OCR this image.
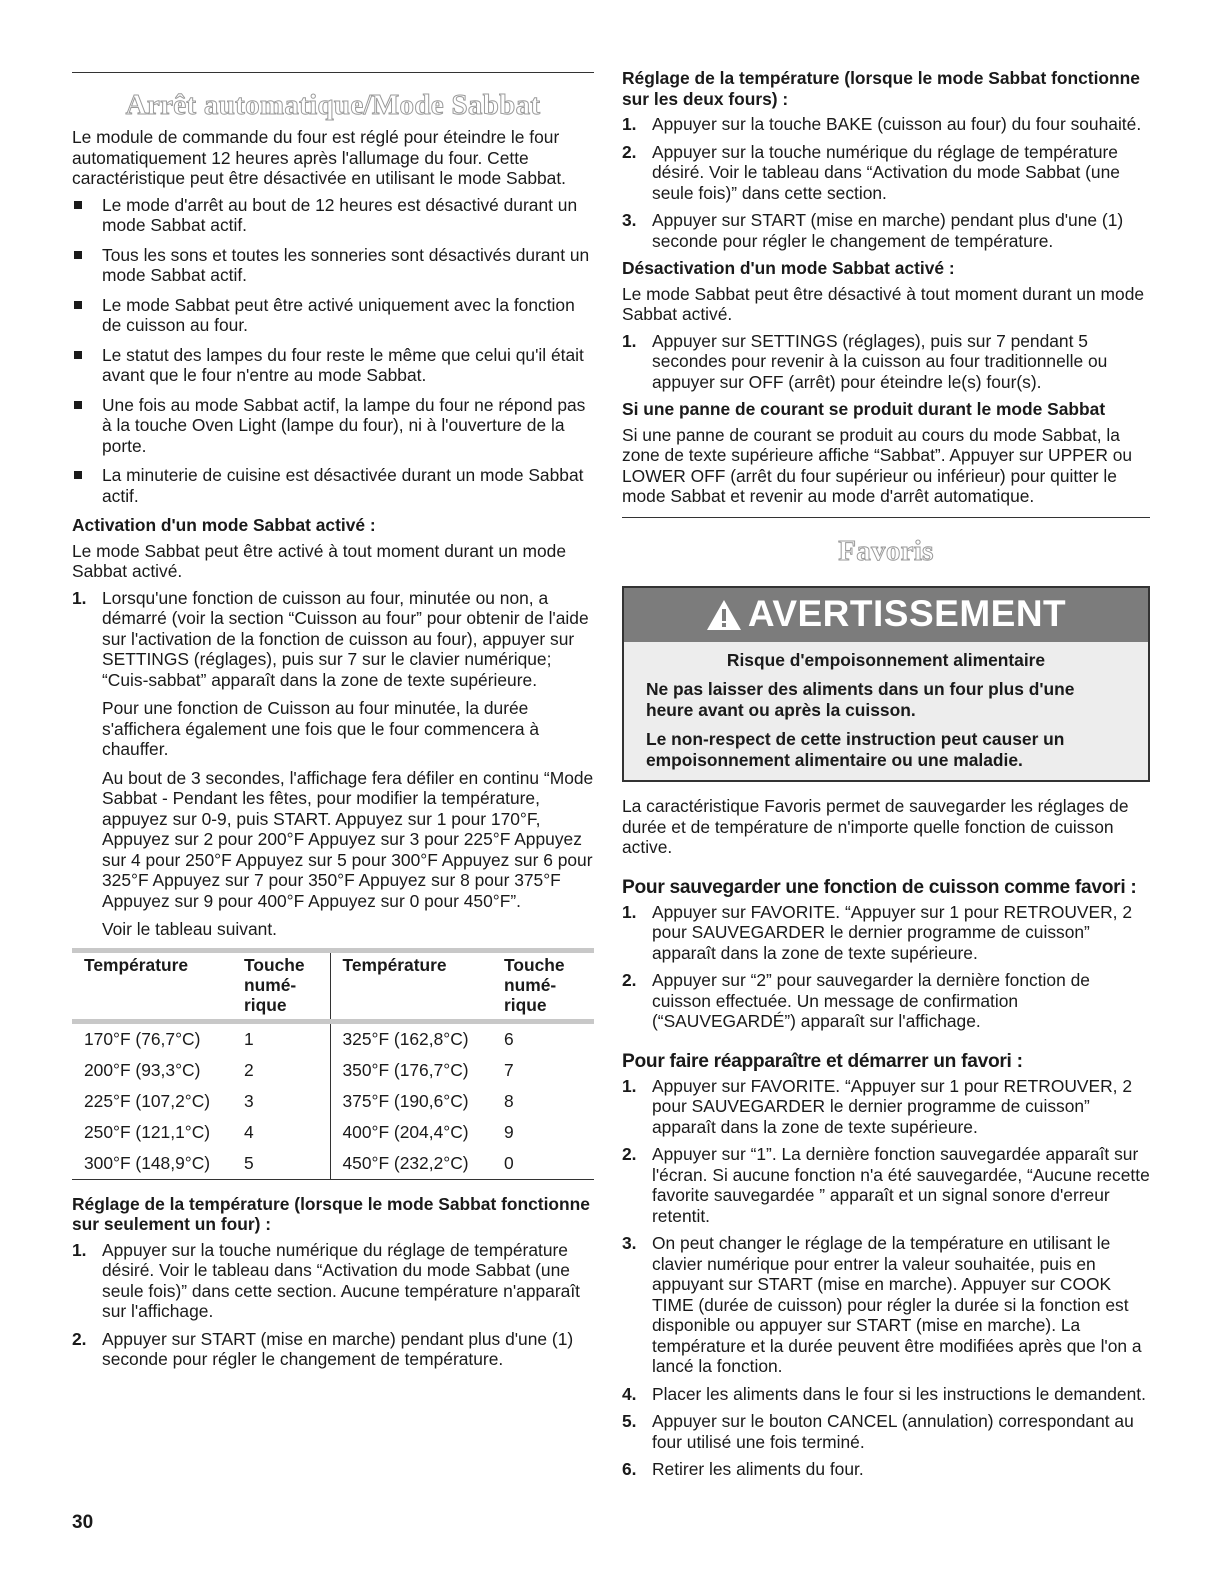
Arrêt automatique/Mode Sabbat

Le module de commande du four est réglé pour éteindre le four automatiquement 12 heures après l'allumage du four. Cette caractéristique peut être désactivée en utilisant le mode Sabbat.

Le mode d'arrêt au bout de 12 heures est désactivé durant un mode Sabbat actif.
Tous les sons et toutes les sonneries sont désactivés durant un mode Sabbat actif.
Le mode Sabbat peut être activé uniquement avec la fonction de cuisson au four.
Le statut des lampes du four reste le même que celui qu'il était avant que le four n'entre au mode Sabbat.
Une fois au mode Sabbat actif, la lampe du four ne répond pas à la touche Oven Light (lampe du four), ni à l'ouverture de la porte.
La minuterie de cuisine est désactivée durant un mode Sabbat actif.
Activation d'un mode Sabbat activé :

Le mode Sabbat peut être activé à tout moment durant un mode Sabbat activé.

1. Lorsqu'une fonction de cuisson au four, minutée ou non, a démarré (voir la section “Cuisson au four” pour obtenir de l'aide sur l'activation de la fonction de cuisson au four), appuyer sur SETTINGS (réglages), puis sur 7 sur le clavier numérique; “Cuis-sabbat” apparaît dans la zone de texte supérieure.

Pour une fonction de Cuisson au four minutée, la durée s'affichera également une fois que le four commencera à chauffer.

Au bout de 3 secondes, l'affichage fera défiler en continu “Mode Sabbat - Pendant les fêtes, pour modifier la température, appuyez sur 0-9, puis START. Appuyez sur 1 pour 170°F, Appuyez sur 2 pour 200°F Appuyez sur 3 pour 225°F Appuyez sur 4 pour 250°F Appuyez sur 5 pour 300°F Appuyez sur 6 pour 325°F Appuyez sur 7 pour 350°F Appuyez sur 8 pour 375°F Appuyez sur 9 pour 400°F Appuyez sur 0 pour 450°F”.

Voir le tableau suivant.

Température	Touche
numé-
rique	Température	Touche
numé-
rique
170°F (76,7°C)	1	325°F (162,8°C)	6
200°F (93,3°C)	2	350°F (176,7°C)	7
225°F (107,2°C)	3	375°F (190,6°C)	8
250°F (121,1°C)	4	400°F (204,4°C)	9
300°F (148,9°C)	5	450°F (232,2°C)	0
Réglage de la température (lorsque le mode Sabbat fonctionne sur seulement un four) :
1. Appuyer sur la touche numérique du réglage de température désiré. Voir le tableau dans “Activation du mode Sabbat (une seule fois)” dans cette section. Aucune température n'apparaît sur l'affichage.
2. Appuyer sur START (mise en marche) pendant plus d'une (1) seconde pour régler le changement de température.
Réglage de la température (lorsque le mode Sabbat fonctionne sur les deux fours) :
1. Appuyer sur la touche BAKE (cuisson au four) du four souhaité.
2. Appuyer sur la touche numérique du réglage de température désiré. Voir le tableau dans “Activation du mode Sabbat (une seule fois)” dans cette section.
3. Appuyer sur START (mise en marche) pendant plus d'une (1) seconde pour régler le changement de température.
Désactivation d'un mode Sabbat activé :

Le mode Sabbat peut être désactivé à tout moment durant un mode Sabbat activé.

1. Appuyer sur SETTINGS (réglages), puis sur 7 pendant 5 secondes pour revenir à la cuisson au four traditionnelle ou appuyer sur OFF (arrêt) pour éteindre le(s) four(s).
Si une panne de courant se produit durant le mode Sabbat

Si une panne de courant se produit au cours du mode Sabbat, la zone de texte supérieure affiche “Sabbat”. Appuyer sur UPPER ou LOWER OFF (arrêt du four supérieur ou inférieur) pour quitter le mode Sabbat et revenir au mode d'arrêt automatique.

Favoris
AVERTISSEMENT

Risque d'empoisonnement alimentaire

Ne pas laisser des aliments dans un four plus d'une heure avant ou après la cuisson.

Le non-respect de cette instruction peut causer un empoisonnement alimentaire ou une maladie.

La caractéristique Favoris permet de sauvegarder les réglages de durée et de température de n'importe quelle fonction de cuisson active.

Pour sauvegarder une fonction de cuisson comme favori :
1. Appuyer sur FAVORITE. “Appuyer sur 1 pour RETROUVER, 2 pour SAUVEGARDER le dernier programme de cuisson” apparaît dans la zone de texte supérieure.
2. Appuyer sur “2” pour sauvegarder la dernière fonction de cuisson effectuée. Un message de confirmation (“SAUVEGARDÉ”) apparaît sur l'affichage.
Pour faire réapparaître et démarrer un favori :
1. Appuyer sur FAVORITE. “Appuyer sur 1 pour RETROUVER, 2 pour SAUVEGARDER le dernier programme de cuisson” apparaît dans la zone de texte supérieure.
2. Appuyer sur “1”. La dernière fonction sauvegardée apparaît sur l'écran. Si aucune fonction n'a été sauvegardée, “Aucune recette favorite sauvegardée ” apparaît et un signal sonore d'erreur retentit.
3. On peut changer le réglage de la température en utilisant le clavier numérique pour entrer la valeur souhaitée, puis en appuyant sur START (mise en marche). Appuyer sur COOK TIME (durée de cuisson) pour régler la durée si la fonction est disponible ou appuyer sur START (mise en marche). La température et la durée peuvent être modifiées après que l'on a lancé la fonction.
4. Placer les aliments dans le four si les instructions le demandent.
5. Appuyer sur le bouton CANCEL (annulation) correspondant au four utilisé une fois terminé.
6. Retirer les aliments du four.
30
